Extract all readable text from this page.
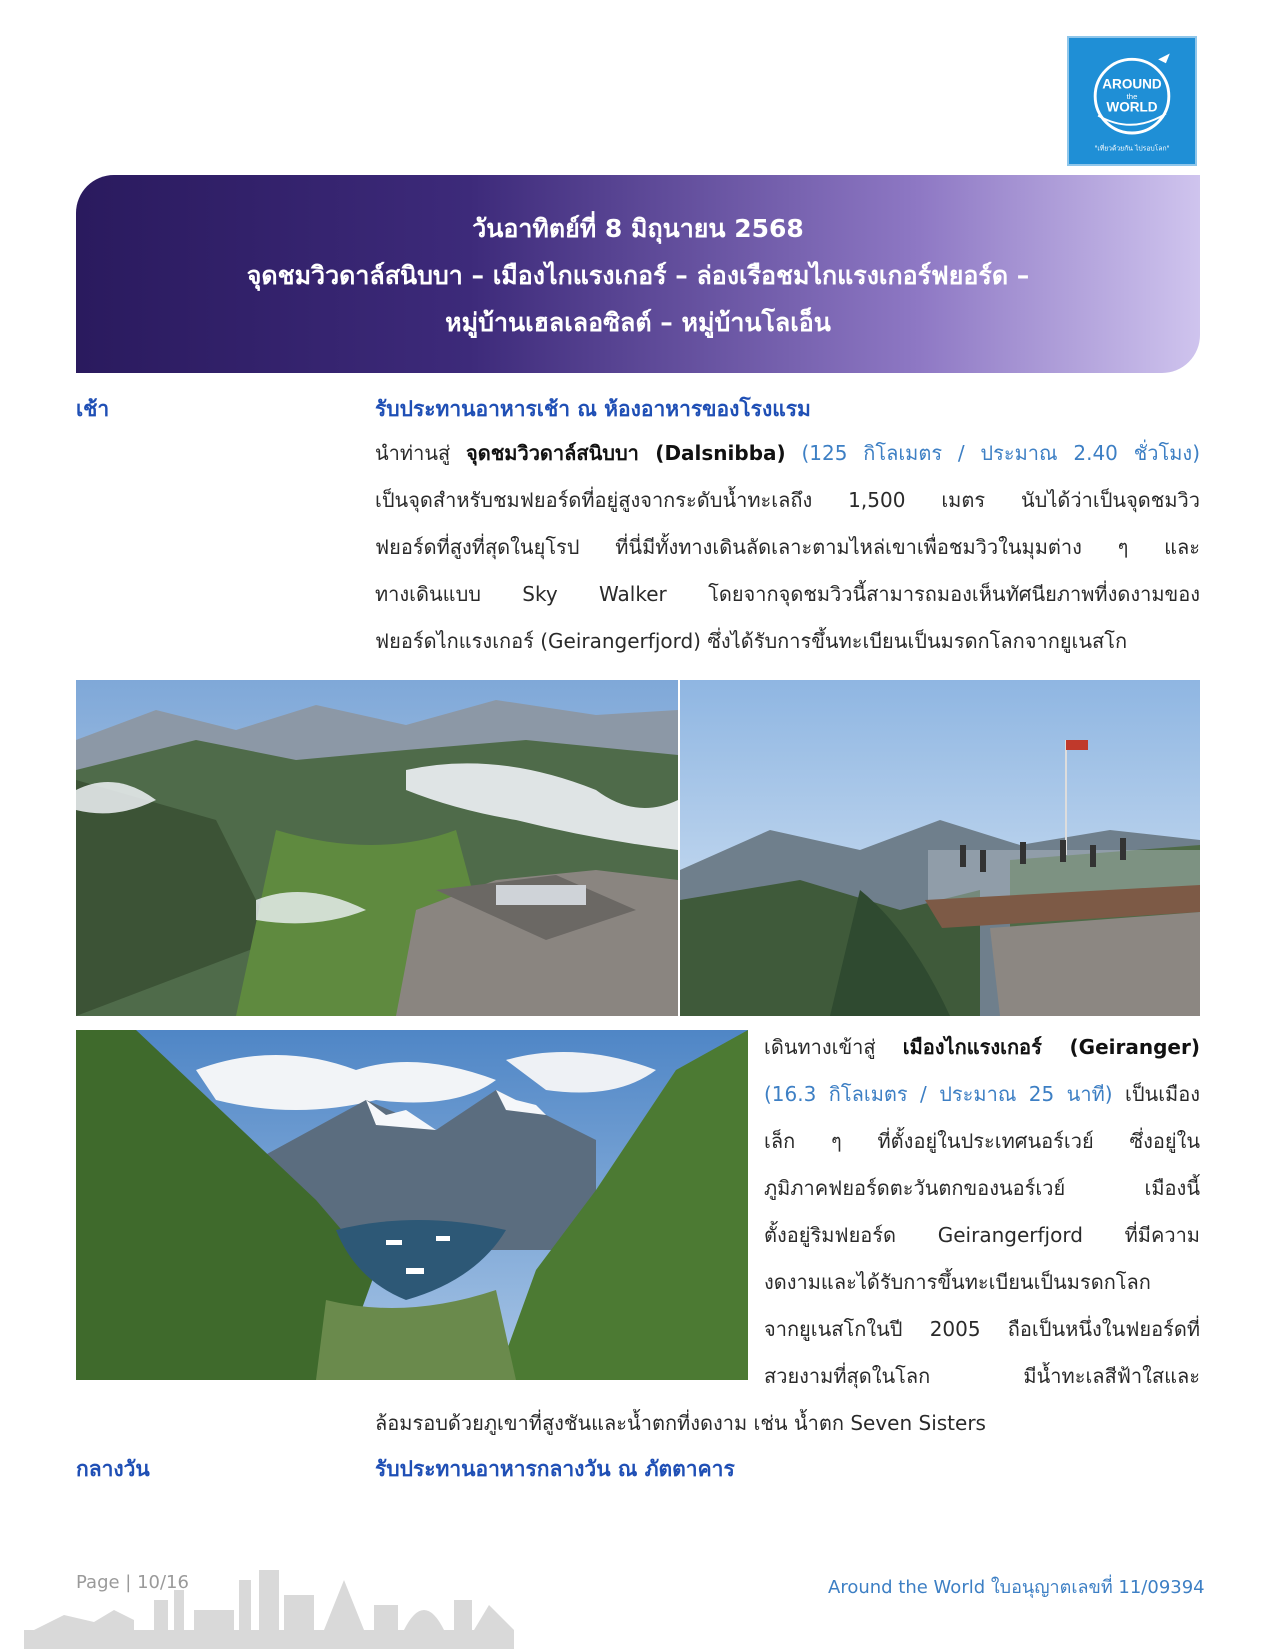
AROUND
the
WORLD
"เที่ยวด้วยกัน ไปรอบโลก"
วันอาทิตย์ที่ 8 มิถุนายน 2568
จุดชมวิวดาล์สนิบบา – เมืองไกแรงเกอร์ – ล่องเรือชมไกแรงเกอร์ฟยอร์ด –
หมู่บ้านเฮลเลอซิลต์ – หมู่บ้านโลเอ็น
เช้า	รับประทานอาหารเช้า ณ ห้องอาหารของโรงแรม
นำท่านสู่ จุดชมวิวดาล์สนิบบา (Dalsnibba) (125 กิโลเมตร / ประมาณ 2.40 ชั่วโมง)
เป็นจุดสำหรับชมฟยอร์ดที่อยู่สูงจากระดับน้ำทะเลถึง 1,500 เมตร นับได้ว่าเป็นจุดชมวิว
ฟยอร์ดที่สูงที่สุดในยุโรป ที่นี่มีทั้งทางเดินลัดเลาะตามไหล่เขาเพื่อชมวิวในมุมต่าง ๆ และ
ทางเดินแบบ Sky Walker โดยจากจุดชมวิวนี้สามารถมองเห็นทัศนียภาพที่งดงามของ
ฟยอร์ดไกแรงเกอร์ (Geirangerfjord) ซึ่งได้รับการขึ้นทะเบียนเป็นมรดกโลกจากยูเนสโก
เดินทางเข้าสู่ เมืองไกแรงเกอร์ (Geiranger)
(16.3 กิโลเมตร / ประมาณ 25 นาที) เป็นเมือง
เล็ก ๆ ที่ตั้งอยู่ในประเทศนอร์เวย์ ซึ่งอยู่ใน
ภูมิภาคฟยอร์ดตะวันตกของนอร์เวย์ เมืองนี้
ตั้งอยู่ริมฟยอร์ด Geirangerfjord ที่มีความ
งดงามและได้รับการขึ้นทะเบียนเป็นมรดกโลก
จากยูเนสโกในปี 2005 ถือเป็นหนึ่งในฟยอร์ดที่
สวยงามที่สุดในโลก มีน้ำทะเลสีฟ้าใสและ
ล้อมรอบด้วยภูเขาที่สูงชันและน้ำตกที่งดงาม เช่น น้ำตก Seven Sisters
กลางวัน	รับประทานอาหารกลางวัน ณ ภัตตาคาร
Page | 10/16	Around the World ใบอนุญาตเลขที่ 11/09394
